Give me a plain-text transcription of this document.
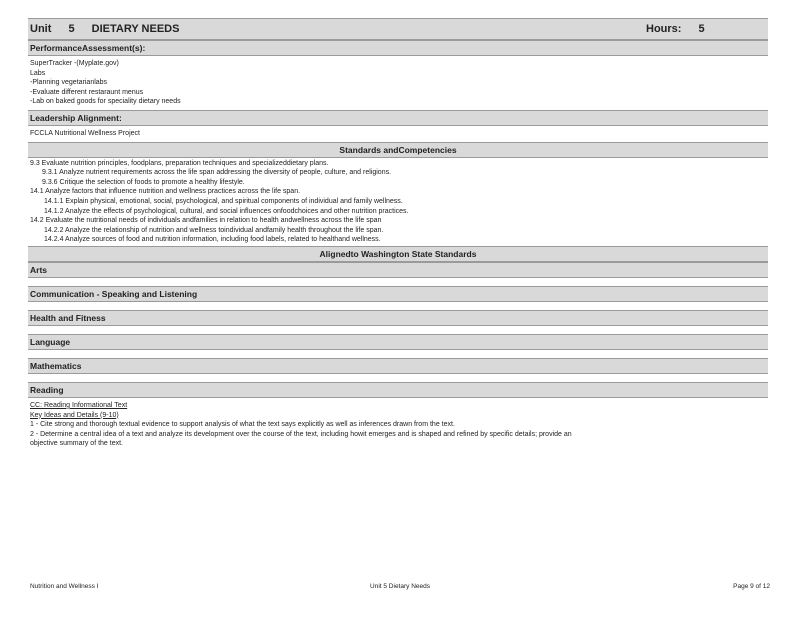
Unit 5 DIETARY NEEDS	Hours: 5
PerformanceAssessment(s):
SuperTracker -(Myplate.gov)
Labs
-Planning vegetarianlabs
-Evaluate different restaraunt menus
-Lab on baked goods for speciality dietary needs
Leadership Alignment:
FCCLA Nutritional Wellness Project
Standards andCompetencies
9.3 Evaluate nutrition principles, foodplans, preparation techniques and specializeddietary plans.
9.3.1 Analyze nutrient requirements across the life span addressing the diversity of people, culture, and religions.
9.3.6 Critique the selection of foods to promote a healthy lifestyle.
14.1 Analyze factors that influence nutrition and wellness practices across the life span.
14.1.1 Explain physical, emotional, social, psychological, and spiritual components of individual and family wellness.
14.1.2 Analyze the effects of psychological, cultural, and social influences onfoodchoices and other nutrition practices.
14.2 Evaluate the nutritional needs of individuals andfamilies in relation to health andwellness across the life span
14.2.2 Analyze the relationship of nutrition and wellness toindividual andfamily health throughout the life span.
14.2.4 Analyze sources of food and nutrition information, including food labels, related to healthand wellness.
Alignedto Washington State Standards
Arts
Communication - Speaking and Listening
Health and Fitness
Language
Mathematics
Reading
CC: Reading Informational Text
Key Ideas and Details (9-10)
1 - Cite strong and thorough textual evidence to support analysis of what the text says explicitly as well as inferences drawn from the text.
2 - Determine a central idea of a text and analyze its development over the course of the text, including howit emerges and is shaped and refined by specific details; provide an
objective summary of the text.
Nutrition and Wellness I	Unit 5 Dietary Needs	Page 9 of 12
